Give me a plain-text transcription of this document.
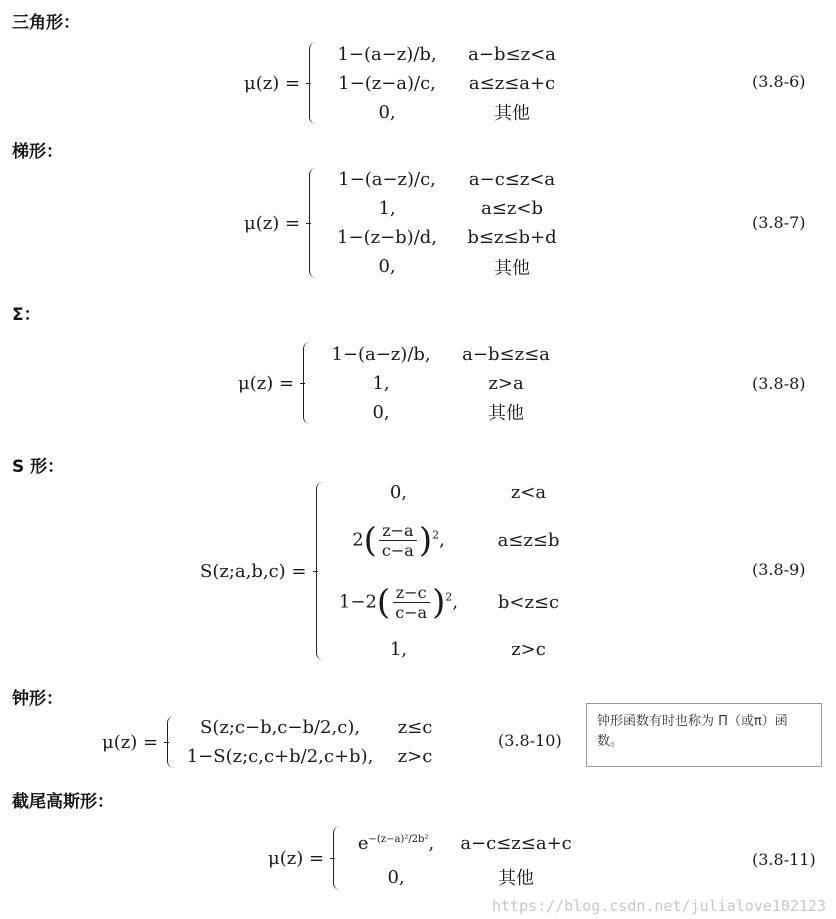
三角形：
μ(z) =
1−(a−z)/b,	a−b≤z<a
1−(z−a)/c,	a≤z≤a+c
0,	其他
(3.8-6)
梯形：
μ(z) =
1−(a−z)/c,	a−c≤z<a
1,	a≤z<b
1−(z−b)/d,	b≤z≤b+d
0,	其他
(3.8-7)
Σ：
μ(z) =
1−(a−z)/b,	a−b≤z≤a
1,	z>a
0,	其他
(3.8-8)
S 形：
S(z;a,b,c) =
0,	z<a
$2( \frac{z-a}{c-a} )^2$,	a≤z≤b
$1-2( \frac{z-c}{c-a} )^2$,	b<z≤c
1,	z>c
(3.8-9)
钟形：
μ(z) =
S(z;c−b,c−b/2,c),	z≤c
1−S(z;c,c+b/2,c+b),	z>c
(3.8-10)
钟形函数有时也称为 Π（或π）函数。
截尾高斯形：
μ(z) =
$e^{-(z-a)^2/2b^2}$,	a−c≤z≤a+c
0,	其他
(3.8-11)
https://blog.csdn.net/julialove102123
